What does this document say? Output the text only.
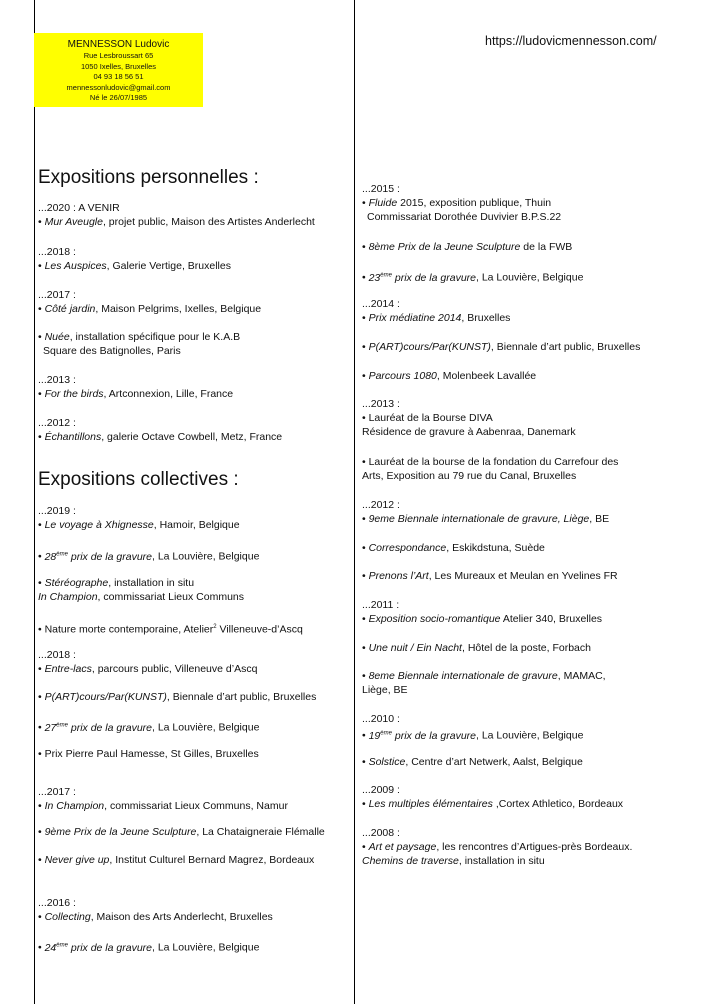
MENNESSON Ludovic
Rue Lesbroussart 65
1050 Ixelles, Bruxelles
04 93 18 56 51
mennessonludovic@gmail.com
Né le 26/07/1985
https://ludovicmennesson.com/

Expositions personnelles :

...2020 : A VENIR

• Mur Aveugle, projet public, Maison des Artistes Anderlecht

...2018 :

• Les Auspices, Galerie Vertige, Bruxelles

...2017 :

• Côté jardin, Maison Pelgrims, Ixelles, Belgique

• Nuée, installation spécifique pour le K.A.B

Square des Batignolles, Paris

...2013 :

• For the birds, Artconnexion, Lille, France

...2012 :

• Échantillons, galerie Octave Cowbell, Metz, France

Expositions collectives :

...2019 :

• Le voyage à Xhignesse, Hamoir, Belgique

• 28ème prix de la gravure, La Louvière, Belgique

• Stéréographe, installation in situ

In Champion, commissariat Lieux Communs

• Nature morte contemporaine, Atelier$^2$ Villeneuve-d’Ascq

...2018 :

• Entre-lacs, parcours public, Villeneuve d’Ascq

• P(ART)cours/Par(KUNST), Biennale d’art public, Bruxelles

• 27ème prix de la gravure, La Louvière, Belgique

• Prix Pierre Paul Hamesse, St Gilles, Bruxelles

...2017 :

• In Champion, commissariat Lieux Communs, Namur

• 9ème Prix de la Jeune Sculpture, La Chataigneraie Flémalle

• Never give up, Institut Culturel Bernard Magrez, Bordeaux

...2016 :

• Collecting, Maison des Arts Anderlecht, Bruxelles

• 24ème prix de la gravure, La Louvière, Belgique

...2015 :

• Fluide 2015, exposition publique, Thuin

Commissariat Dorothée Duvivier B.P.S.22

• 8ème Prix de la Jeune Sculpture de la FWB

• 23ème prix de la gravure, La Louvière, Belgique

...2014 :

• Prix médiatine 2014, Bruxelles

• P(ART)cours/Par(KUNST), Biennale d’art public, Bruxelles

• Parcours 1080, Molenbeek Lavallée

...2013 :

• Lauréat de la Bourse DIVA

Résidence de gravure à Aabenraa, Danemark

• Lauréat de la bourse de la fondation du Carrefour des

Arts, Exposition au 79 rue du Canal, Bruxelles

...2012 :

• 9eme Biennale internationale de gravure, Liège, BE

• Correspondance, Eskikdstuna, Suède

• Prenons l’Art, Les Mureaux et Meulan en Yvelines FR

...2011 :

• Exposition socio-romantique Atelier 340, Bruxelles

• Une nuit / Ein Nacht, Hôtel de la poste, Forbach

• 8eme Biennale internationale de gravure, MAMAC,

Liège, BE

...2010 :

• 19ème prix de la gravure, La Louvière, Belgique

• Solstice, Centre d’art Netwerk, Aalst, Belgique

...2009 :

• Les multiples élémentaires ,Cortex Athletico, Bordeaux

...2008 :

• Art et paysage, les rencontres d’Artigues-près Bordeaux.

Chemins de traverse, installation in situ
